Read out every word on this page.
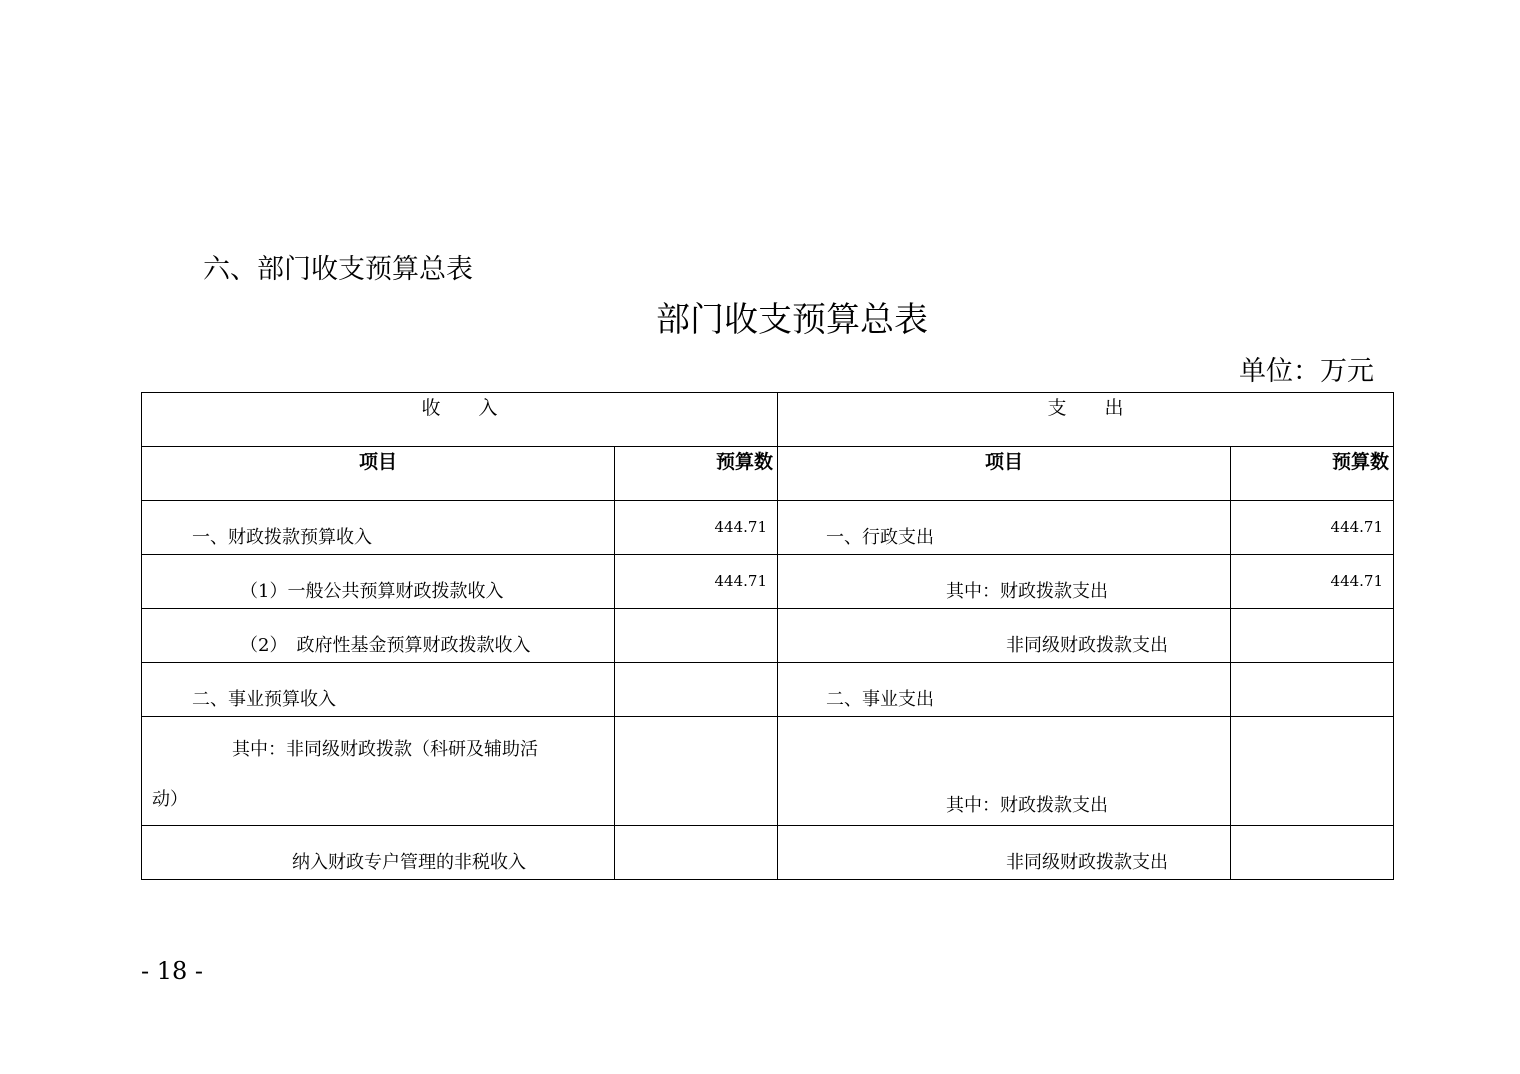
六、部门收支预算总表
部门收支预算总表
单位：万元
收　　入		支　　出	
项目	预算数	项目	预算数

一、财政拨款预算收入	444.71	一、行政支出	444.71

（1）一般公共预算财政拨款收入	444.71	其中：财政拨款支出	444.71

（2）　政府性基金预算财政拨款收入		非同级财政拨款支出	

二、事业预算收入		二、事业支出	

其中：非同级财政拨款（科研及辅助活
动）		其中：财政拨款支出	

纳入财政专户管理的非税收入		非同级财政拨款支出	

- 18 -
